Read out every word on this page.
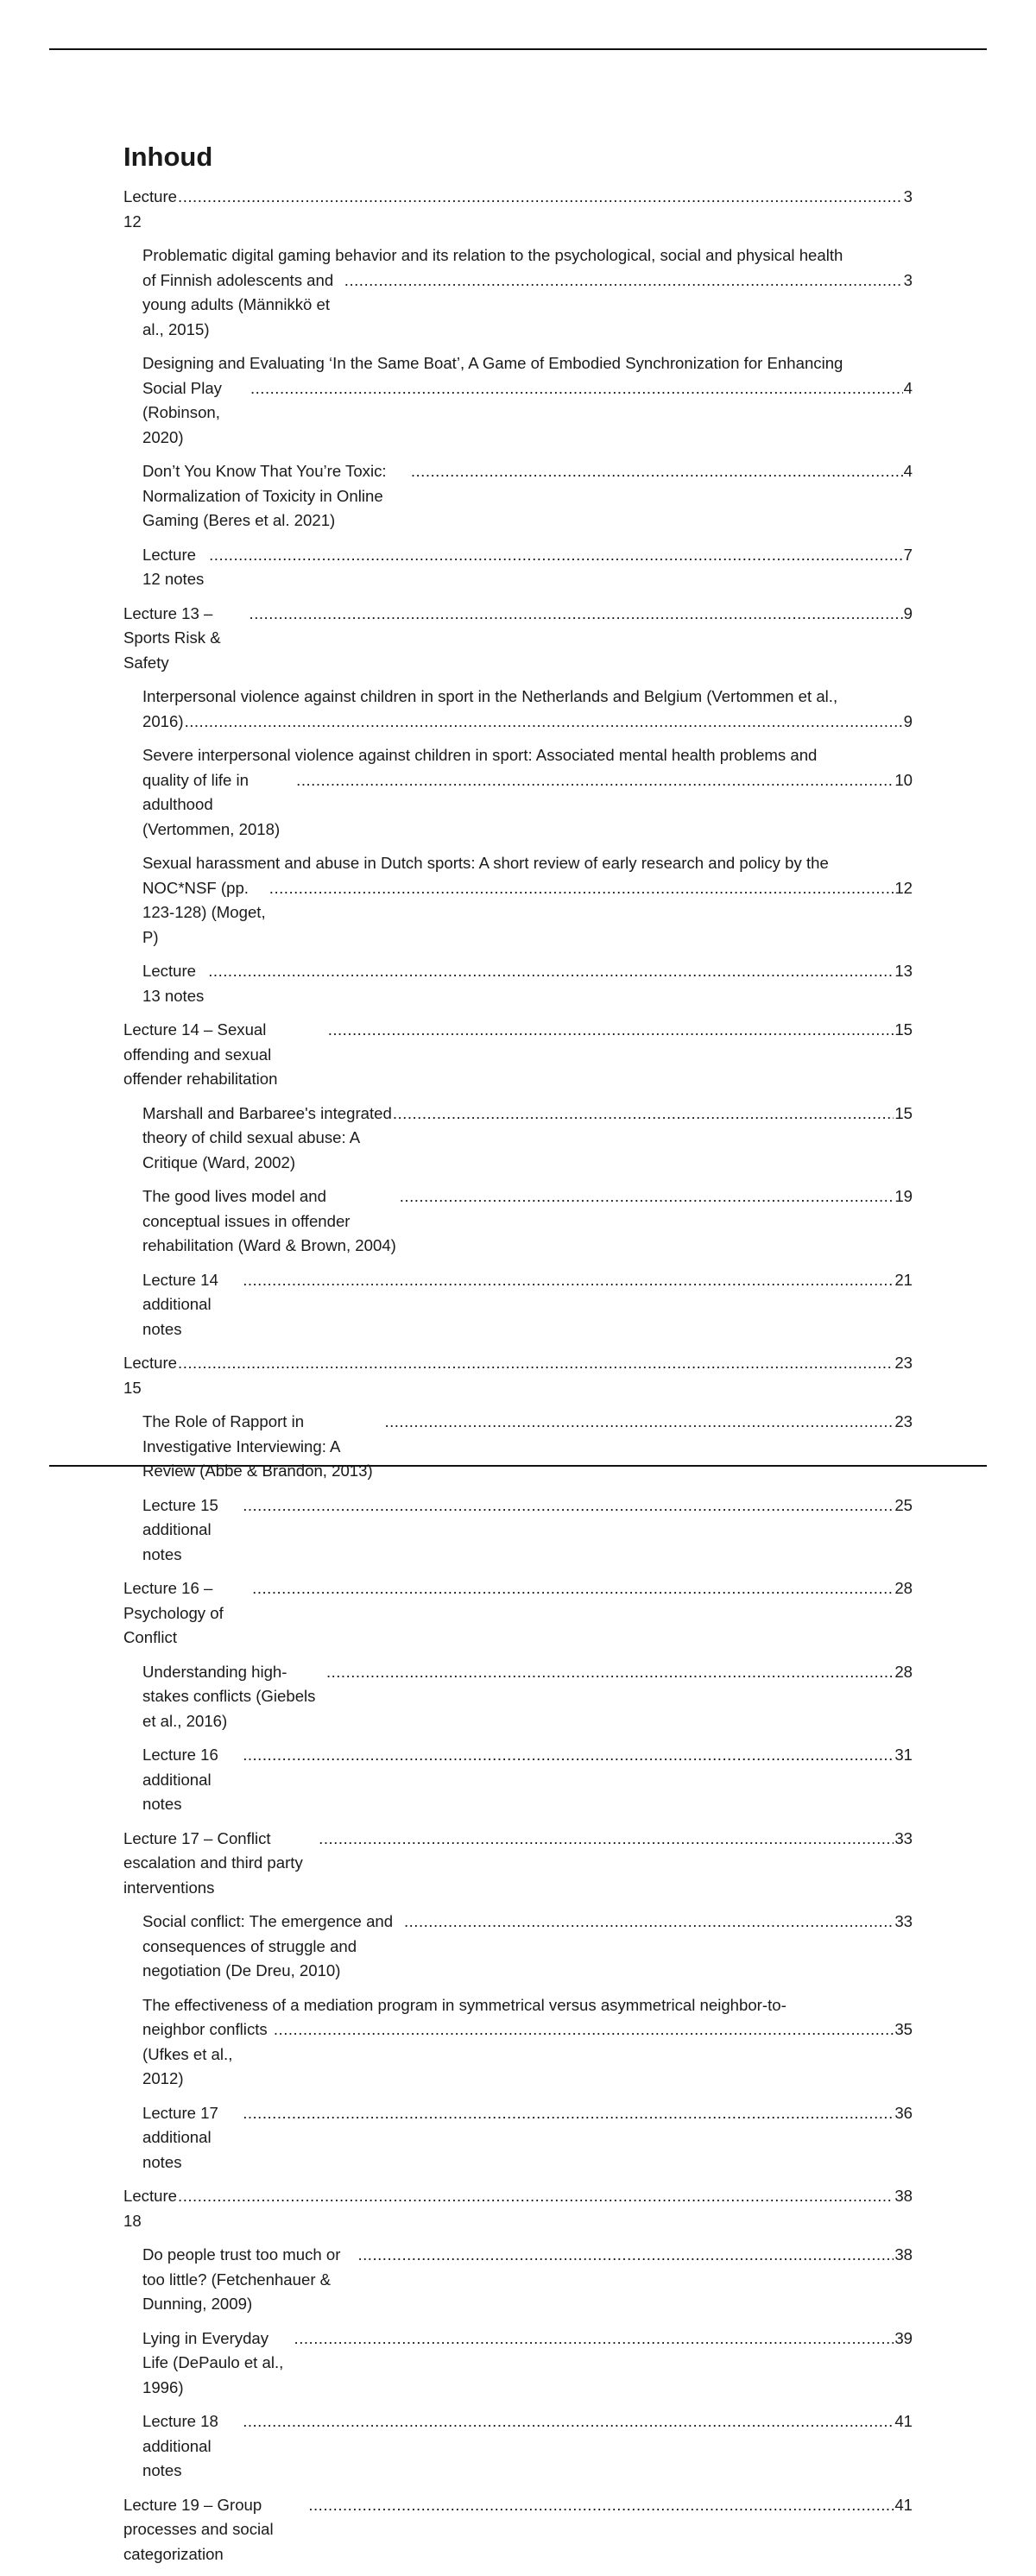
Inhoud
Lecture 12
.....
3
Problematic digital gaming behavior and its relation to the psychological, social and physical health
of Finnish adolescents and young adults (Männikkö et al., 2015)
.....
3
Designing and Evaluating ‘In the Same Boat’, A Game of Embodied Synchronization for Enhancing
Social Play (Robinson, 2020)
.....
4
Don’t You Know That You’re Toxic: Normalization of Toxicity in Online Gaming (Beres et al. 2021)
.....
4
Lecture 12 notes
.....
7
Lecture 13 – Sports Risk & Safety
.....
9
Interpersonal violence against children in sport in the Netherlands and Belgium (Vertommen et al.,
2016)
.....	9
Severe interpersonal violence against children in sport: Associated mental health problems and
quality of life in adulthood (Vertommen, 2018)
.....
10
Sexual harassment and abuse in Dutch sports: A short review of early research and policy by the
NOC*NSF (pp. 123-128) (Moget, P)
.....
12
Lecture 13 notes
.....
13
Lecture 14 – Sexual offending and sexual offender rehabilitation
.....
15
Marshall and Barbaree's integrated theory of child sexual abuse: A Critique (Ward, 2002)
.....
15
The good lives model and conceptual issues in offender rehabilitation (Ward & Brown, 2004)
.....
19
Lecture 14 additional notes
.....
21
Lecture 15
.....
23
The Role of Rapport in Investigative Interviewing: A Review (Abbe & Brandon, 2013)
.....
23
Lecture 15 additional notes
.....
25
Lecture 16 – Psychology of Conflict
.....
28
Understanding high-stakes conflicts (Giebels et al., 2016)
.....
28
Lecture 16 additional notes
.....
31
Lecture 17 – Conflict escalation and third party interventions
.....
33
Social conflict: The emergence and consequences of struggle and negotiation (De Dreu, 2010)
.....
33
The effectiveness of a mediation program in symmetrical versus asymmetrical neighbor-to-
neighbor conflicts (Ufkes et al., 2012)
.....
35
Lecture 17 additional notes
.....
36
Lecture 18
.....
38
Do people trust too much or too little? (Fetchenhauer & Dunning, 2009)
.....
38
Lying in Everyday Life (DePaulo et al., 1996)
.....
39
Lecture 18 additional notes
.....
41
Lecture 19 – Group processes and social categorization
.....
41
